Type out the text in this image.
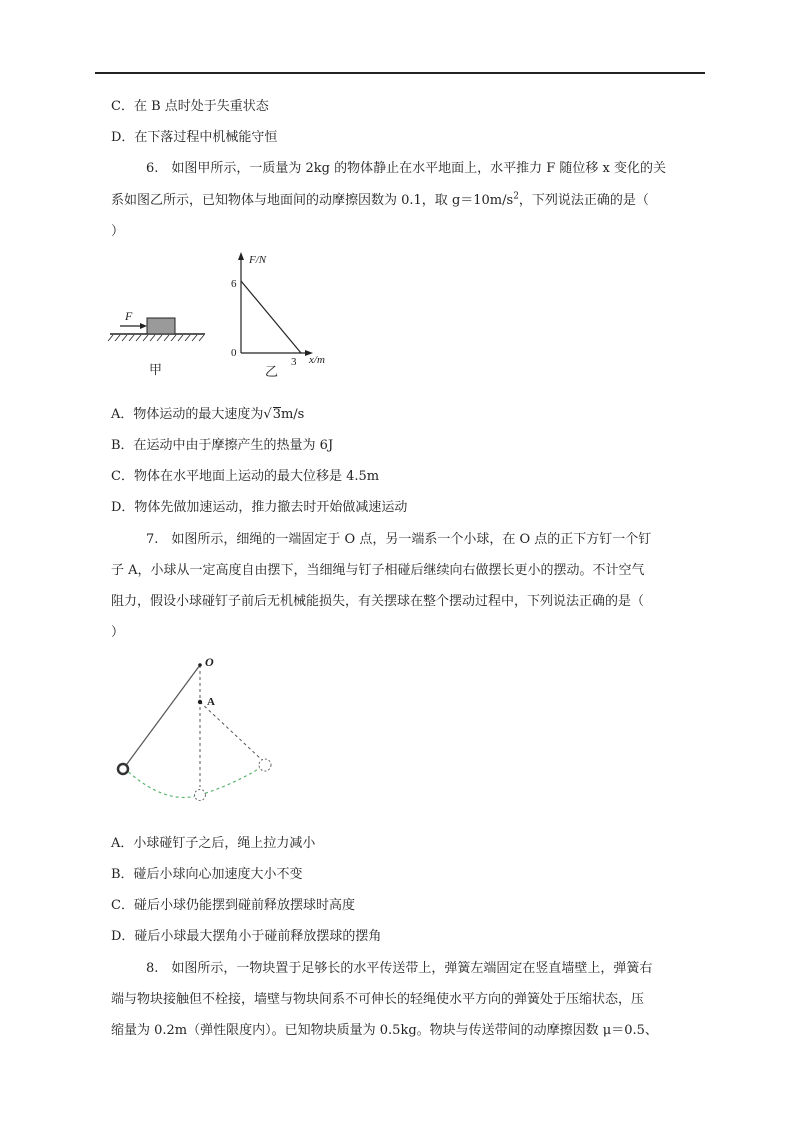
C．在 B 点时处于失重状态
D．在下落过程中机械能守恒
6.　如图甲所示，一质量为 2kg 的物体静止在水平地面上，水平推力 F 随位移 x 变化的关
系如图乙所示，已知物体与地面间的动摩擦因数为 0.1，取 $g=10m/s^2$，下列说法正确的是（
）
F
甲
F/N
x/m
6
3
0
乙
A．物体运动的最大速度为√3m/s
B．在运动中由于摩擦产生的热量为 6J
C．物体在水平地面上运动的最大位移是 4.5m
D．物体先做加速运动，推力撤去时开始做减速运动
7.　如图所示，细绳的一端固定于 O 点，另一端系一个小球，在 O 点的正下方钉一个钉
子 A，小球从一定高度自由摆下，当细绳与钉子相碰后继续向右做摆长更小的摆动。不计空气
阻力，假设小球碰钉子前后无机械能损失，有关摆球在整个摆动过程中，下列说法正确的是（
）
O
A
A．小球碰钉子之后，绳上拉力减小
B．碰后小球向心加速度大小不变
C．碰后小球仍能摆到碰前释放摆球时高度
D．碰后小球最大摆角小于碰前释放摆球的摆角
8.　如图所示，一物块置于足够长的水平传送带上，弹簧左端固定在竖直墙壁上，弹簧右
端与物块接触但不栓接，墙壁与物块间系不可伸长的轻绳使水平方向的弹簧处于压缩状态，压
缩量为 0.2m（弹性限度内）。已知物块质量为 0.5kg。物块与传送带间的动摩擦因数 μ＝0.5、
